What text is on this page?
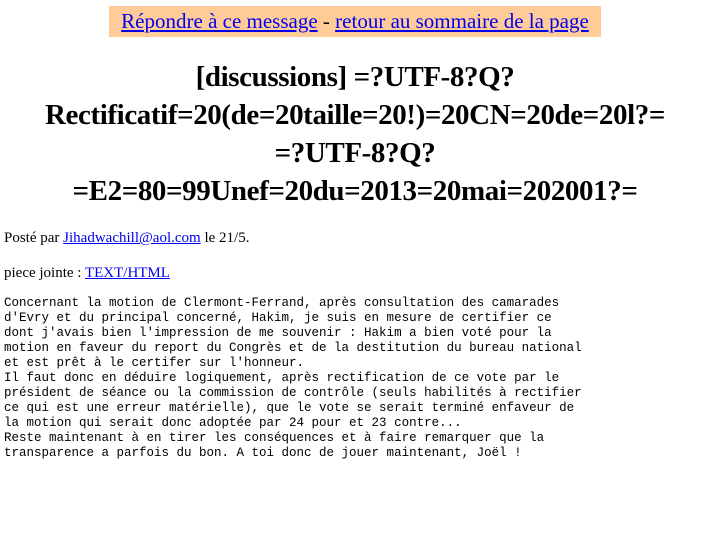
Répondre à ce message - retour au sommaire de la page
[discussions] =?UTF-8?Q?
Rectificatif=20(de=20taille=20!)=20CN=20de=20l?=
=?UTF-8?Q?
=E2=80=99Unef=20du=2013=20mai=202001?=
Posté par Jihadwachill@aol.com le 21/5.
piece jointe : TEXT/HTML
Concernant la motion de Clermont-Ferrand, après consultation des camarades
d'Evry et du principal concerné, Hakim, je suis en mesure de certifier ce
dont j'avais bien l'impression de me souvenir : Hakim a bien voté pour la
motion en faveur du report du Congrès et de la destitution du bureau national
et est prêt à le certifer sur l'honneur.
Il faut donc en déduire logiquement, après rectification de ce vote par le
président de séance ou la commission de contrôle (seuls habilités à rectifier
ce qui est une erreur matérielle), que le vote se serait terminé enfaveur de
la motion qui serait donc adoptée par 24 pour et 23 contre...
Reste maintenant à en tirer les conséquences et à faire remarquer que la
transparence a parfois du bon. A toi donc de jouer maintenant, Joël !
